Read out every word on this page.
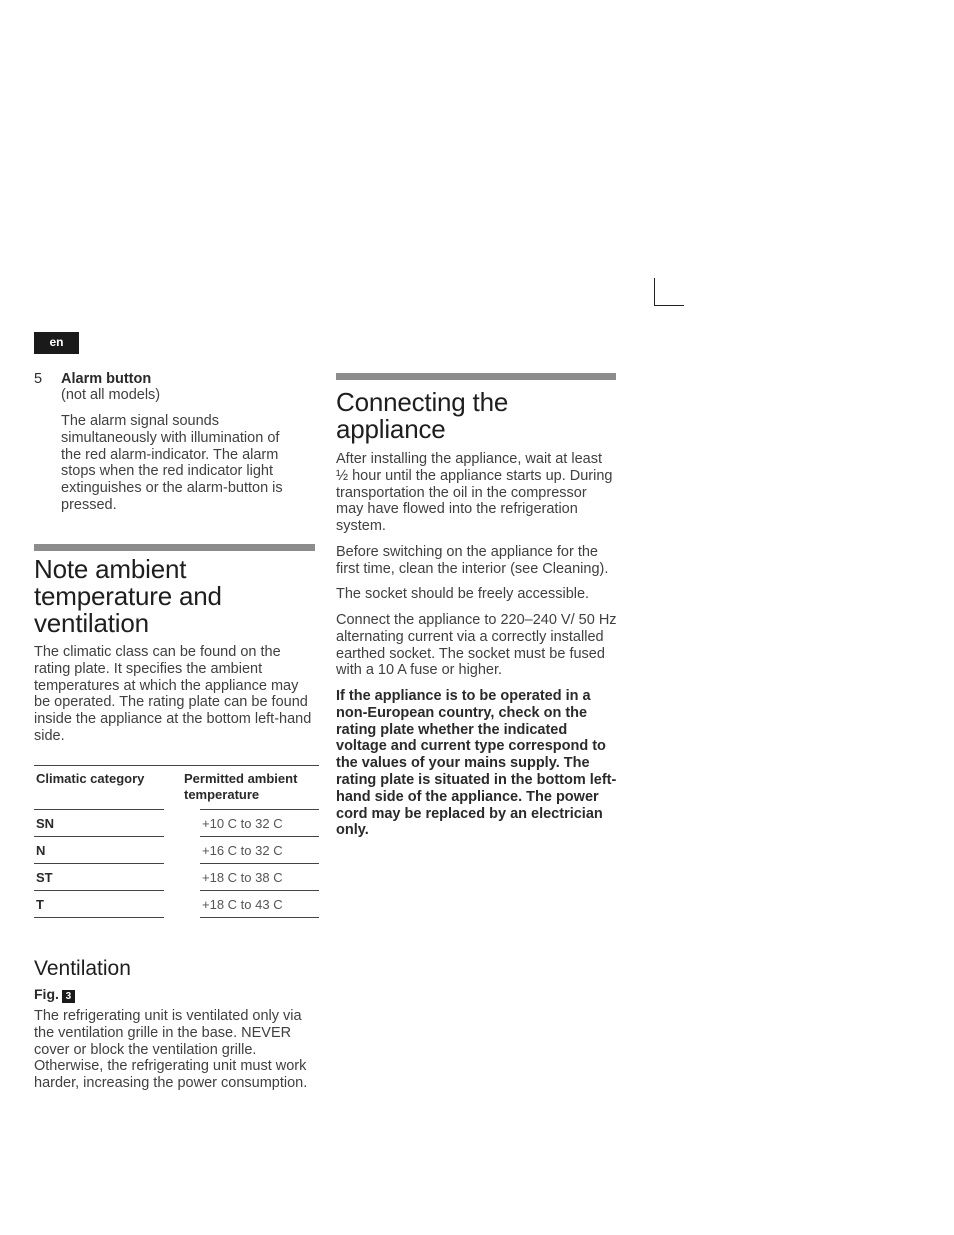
en
5 Alarm button

(not all models)

The alarm signal sounds simultaneously with illumination of the red alarm-indicator. The alarm stops when the red indicator light extinguishes or the alarm-button is pressed.

Note ambient temperature and ventilation

The climatic class can be found on the rating plate. It specifies the ambient temperatures at which the appliance may be operated. The rating plate can be found inside the appliance at the bottom left-hand side.

Climatic category	Permitted ambient temperature
SN	+10 C to 32 C
N	+16 C to 32 C
ST	+18 C to 38 C
T	+18 C to 43 C
Ventilation
Fig. 3

The refrigerating unit is ventilated only via the ventilation grille in the base. NEVER cover or block the ventilation grille. Otherwise, the refrigerating unit must work harder, increasing the power consumption.

Connecting the appliance

After installing the appliance, wait at least ½ hour until the appliance starts up. During transportation the oil in the compressor may have flowed into the refrigeration system.

Before switching on the appliance for the first time, clean the interior (see Cleaning).

The socket should be freely accessible.

Connect the appliance to 220–240 V/ 50 Hz alternating current via a correctly installed earthed socket. The socket must be fused with a 10 A fuse or higher.

If the appliance is to be operated in a non-European country, check on the rating plate whether the indicated voltage and current type correspond to the values of your mains supply. The rating plate is situated in the bottom left-hand side of the appliance. The power cord may be replaced by an electrician only.
